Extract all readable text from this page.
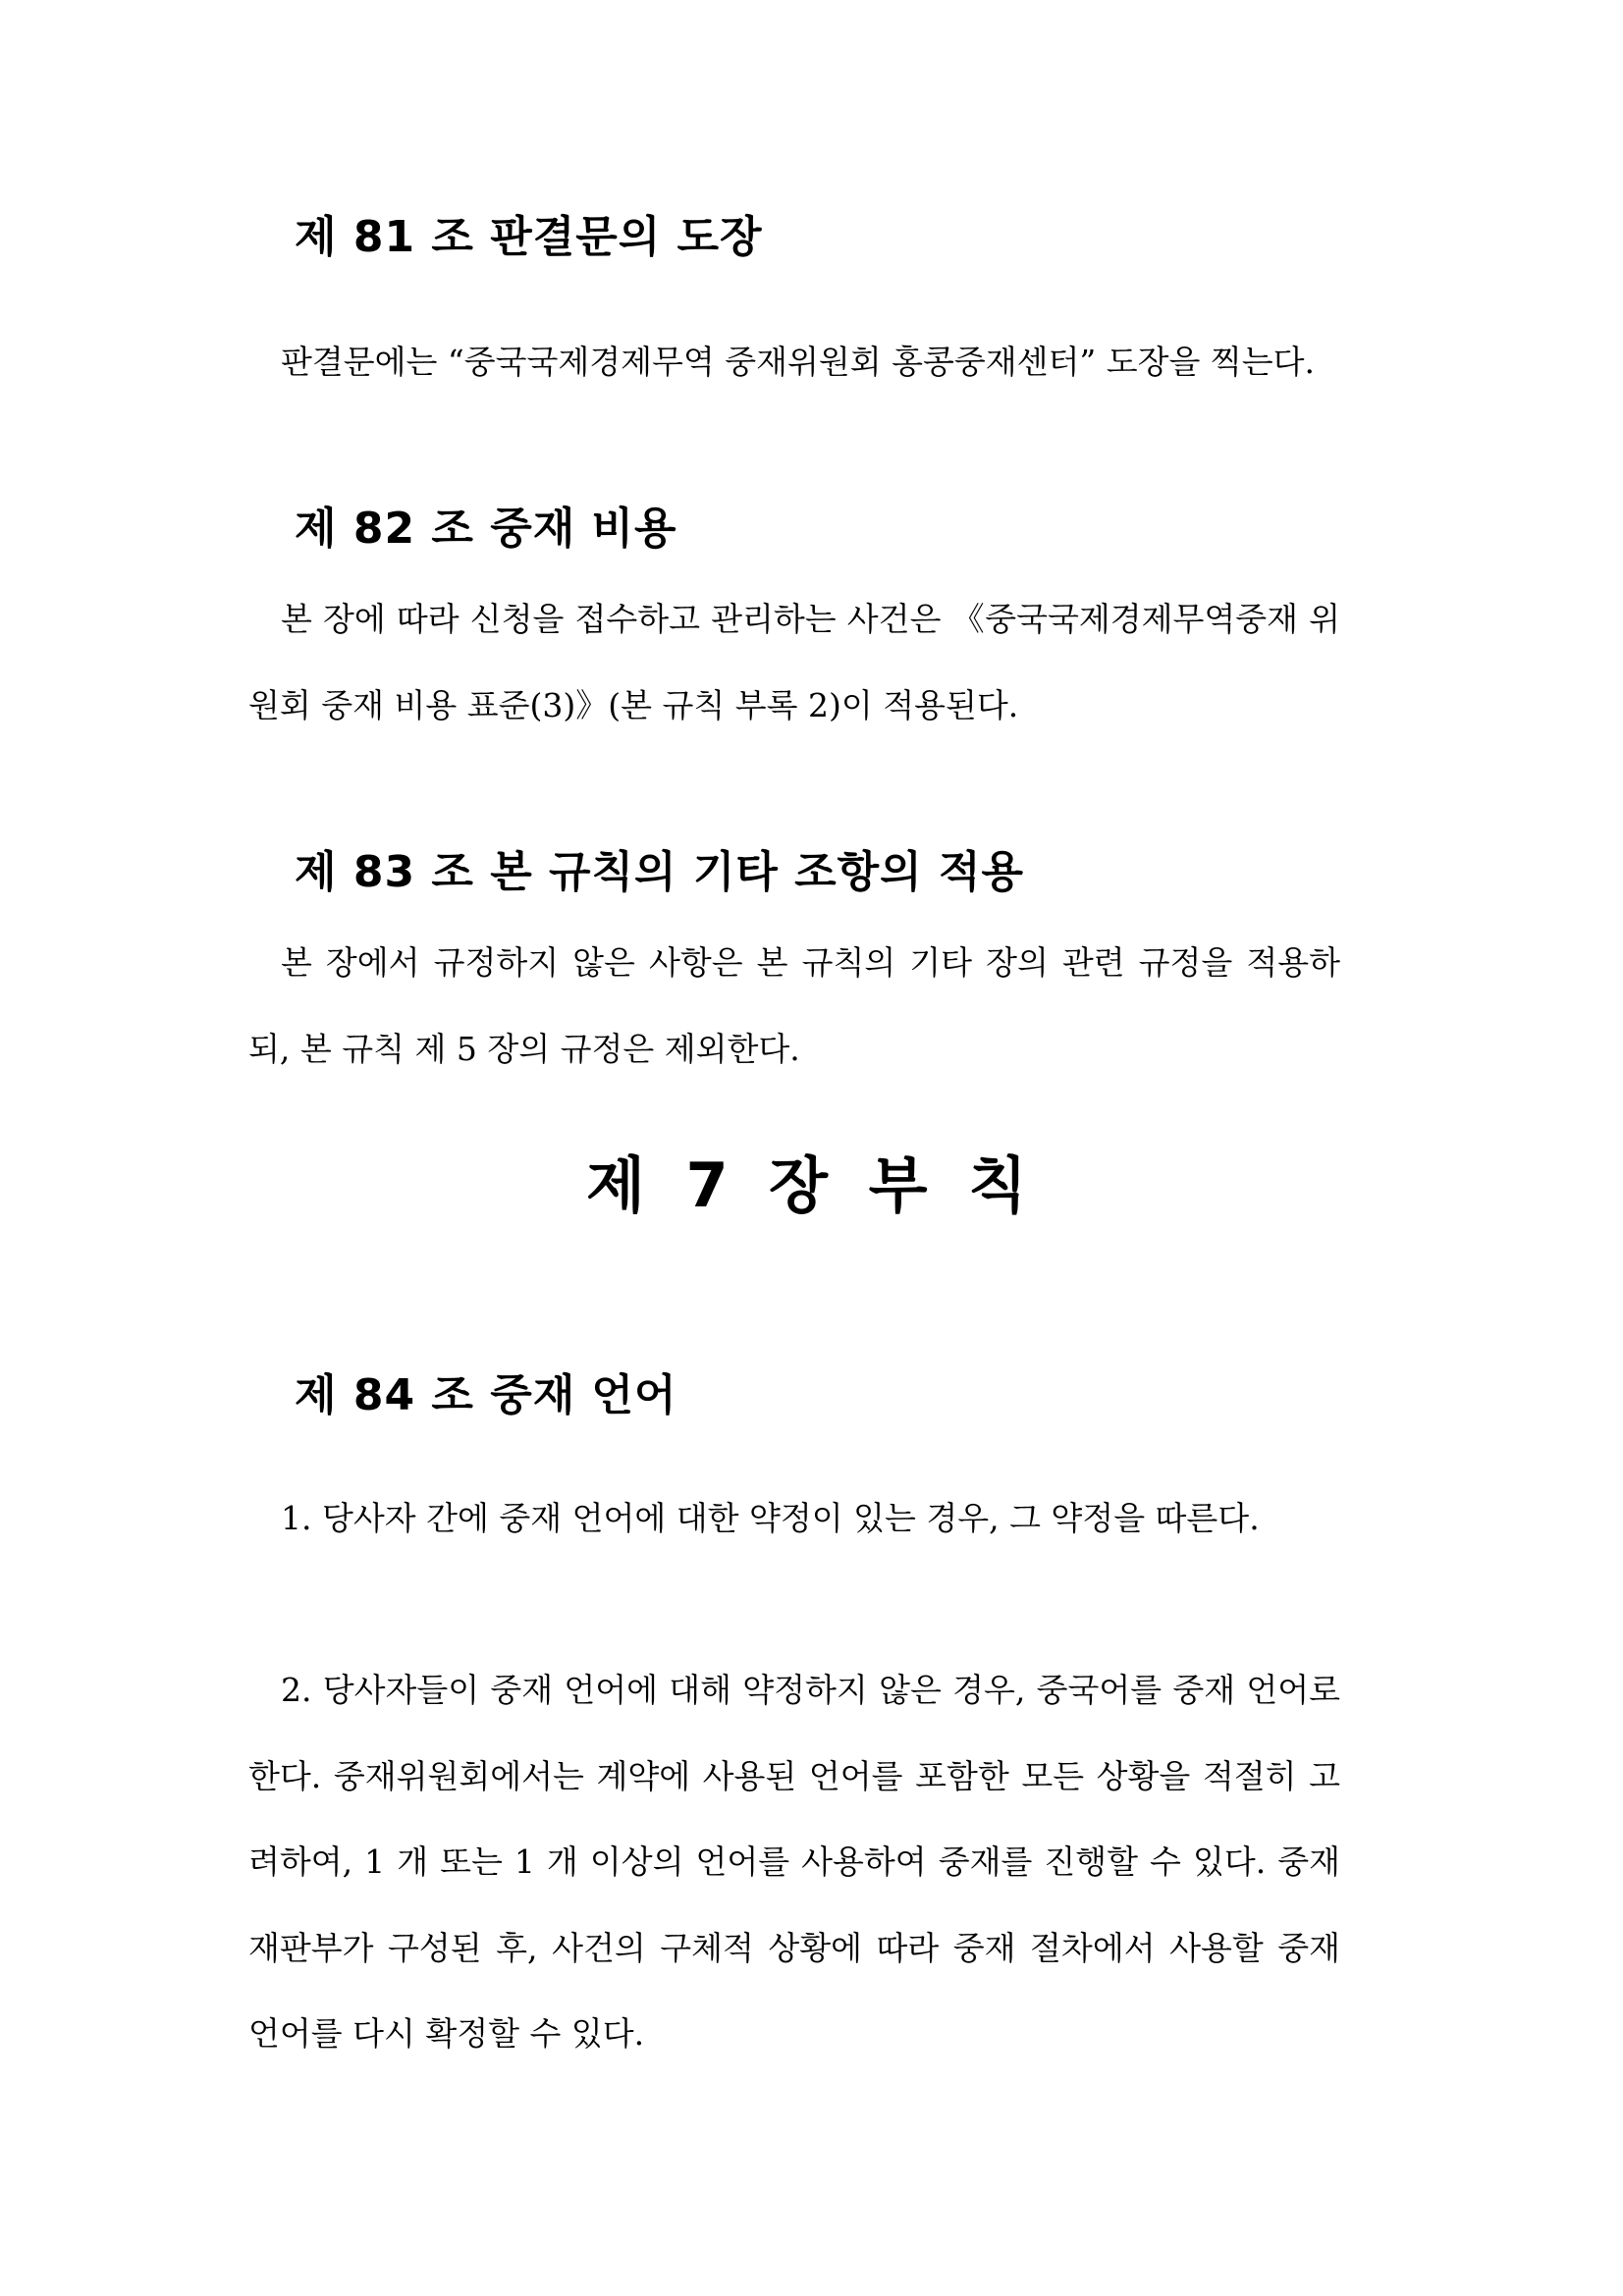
제 81 조 판결문의 도장

판결문에는 “중국국제경제무역 중재위원회 홍콩중재센터” 도장을 찍는다.

제 82 조 중재 비용

본 장에 따라 신청을 접수하고 관리하는 사건은 《중국국제경제무역중재 위원회 중재 비용 표준(3)》(본 규칙 부록 2)이 적용된다.

제 83 조 본 규칙의 기타 조항의 적용

본 장에서 규정하지 않은 사항은 본 규칙의 기타 장의 관련 규정을 적용하되, 본 규칙 제 5 장의 규정은 제외한다.

제 7 장 부 칙
제 84 조 중재 언어

1. 당사자 간에 중재 언어에 대한 약정이 있는 경우, 그 약정을 따른다.

2. 당사자들이 중재 언어에 대해 약정하지 않은 경우, 중국어를 중재 언어로 한다. 중재위원회에서는 계약에 사용된 언어를 포함한 모든 상황을 적절히 고려하여, 1 개 또는 1 개 이상의 언어를 사용하여 중재를 진행할 수 있다. 중재재판부가 구성된 후, 사건의 구체적 상황에 따라 중재 절차에서 사용할 중재 언어를 다시 확정할 수 있다.
